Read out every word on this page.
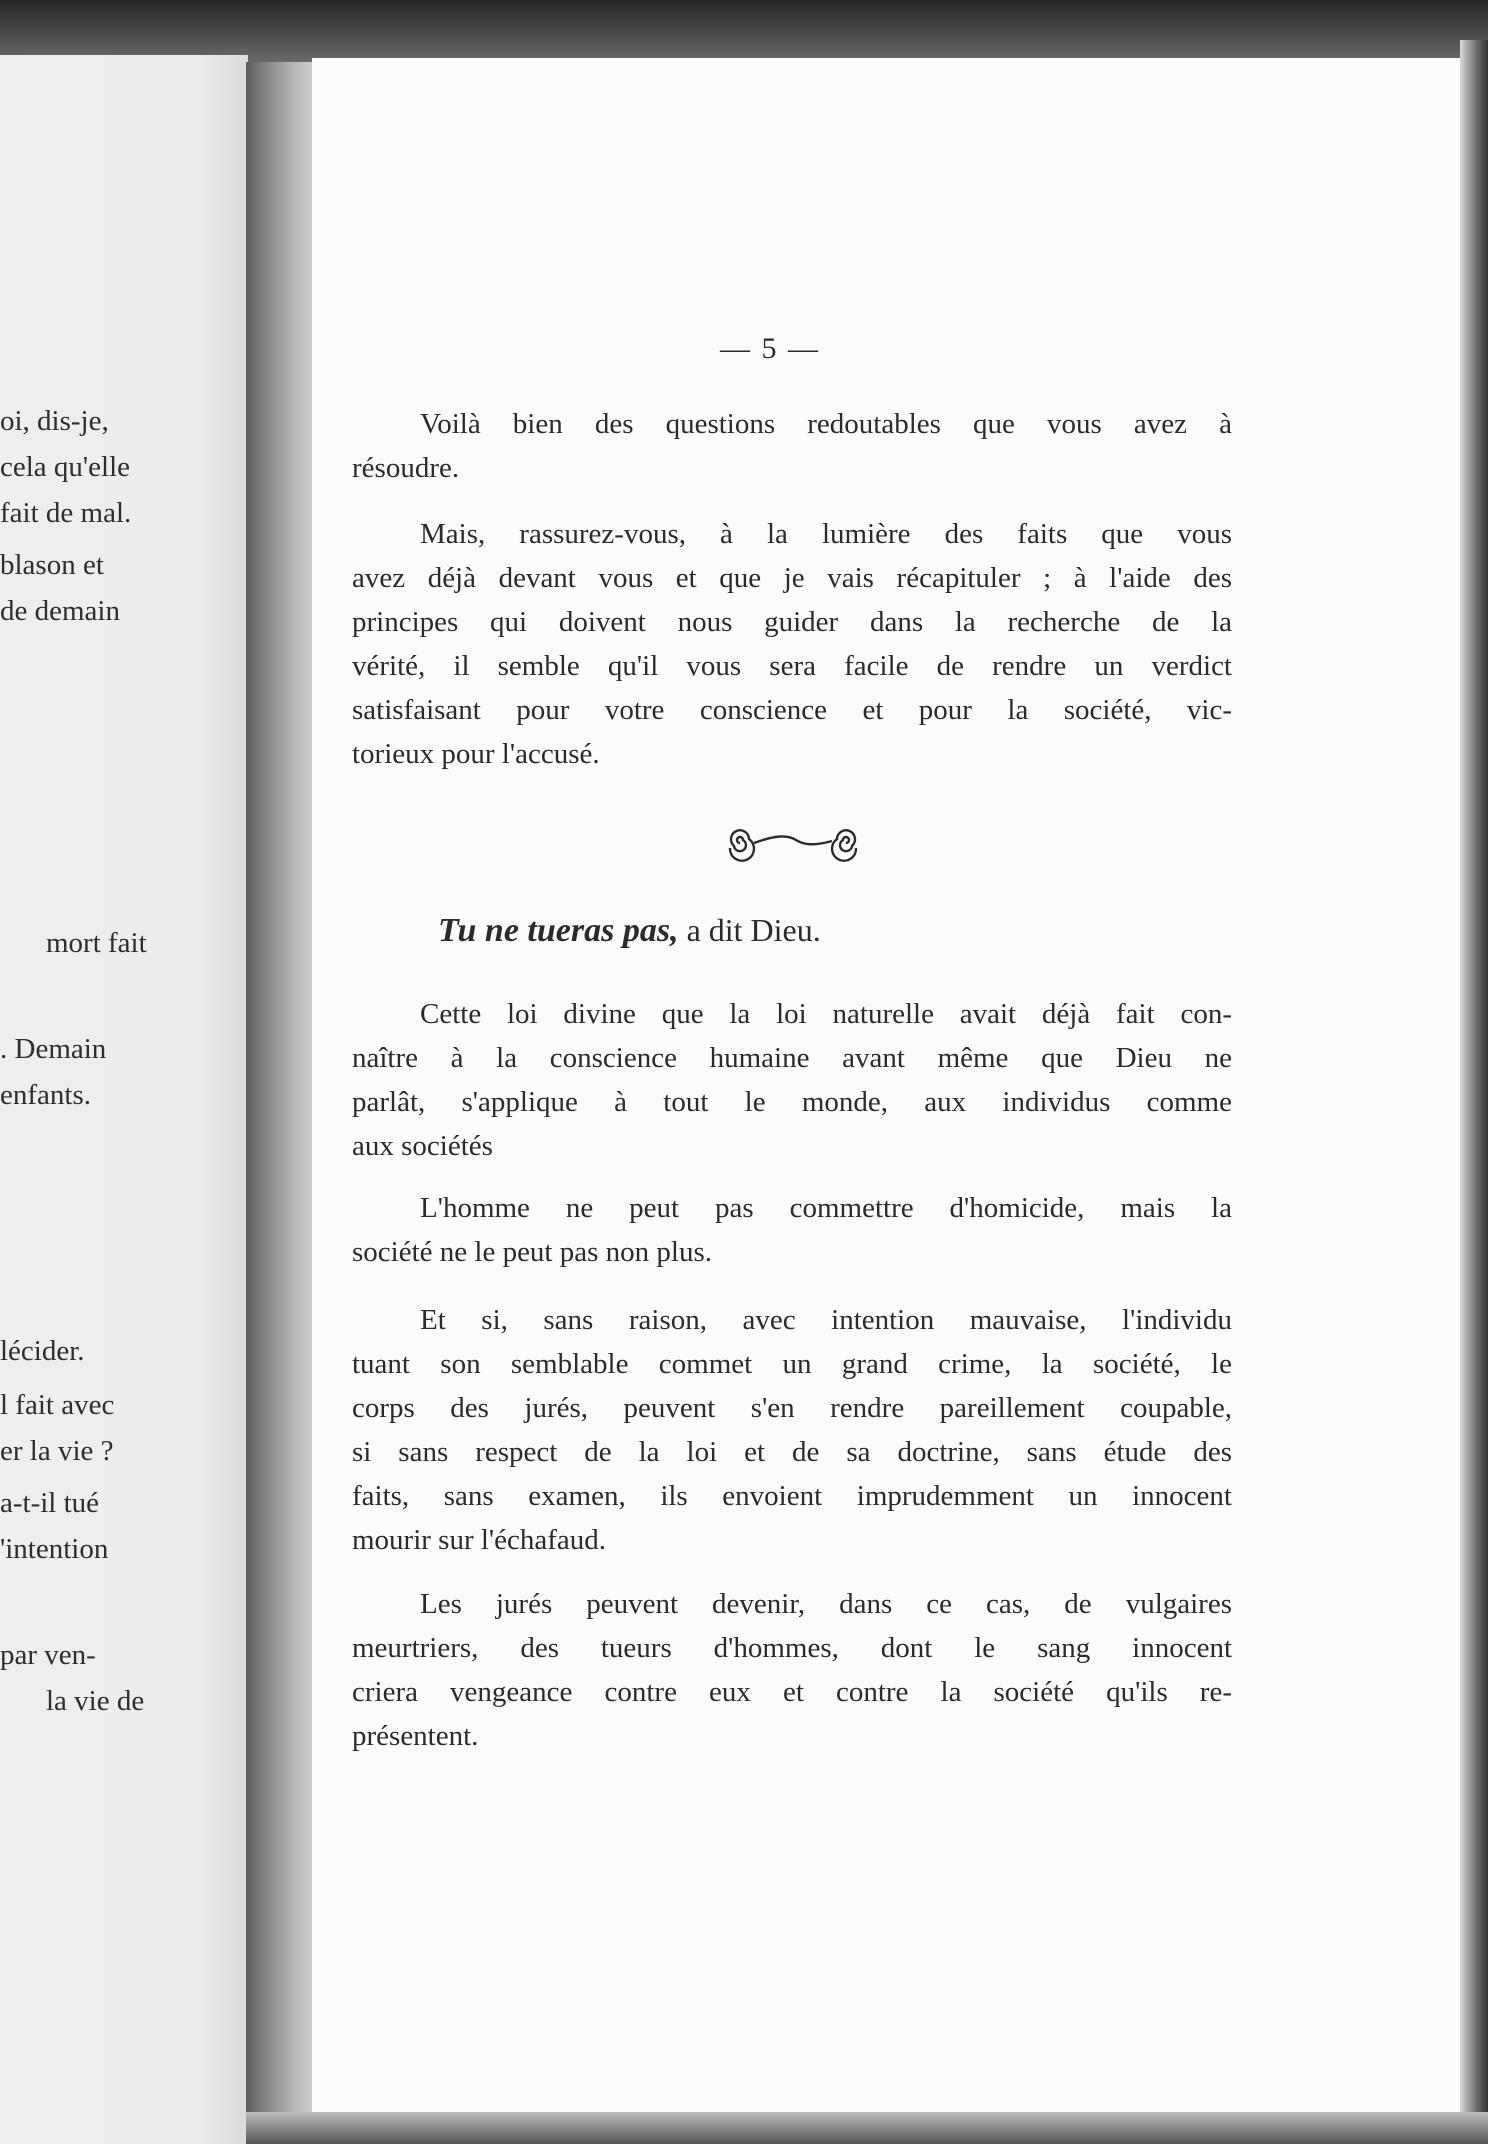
oi, dis-je,
cela qu'elle
fait de mal.
blason et
de demain
mort fait
. Demain
enfants.
lécider.
l fait avec
er la vie ?
a-t-il tué
'intention
par ven-
la vie de
— 5 —
Voilà bien des questions redoutables que vous avez à
résoudre.
Mais, rassurez-vous, à la lumière des faits que vous
avez déjà devant vous et que je vais récapituler ; à l'aide des
principes qui doivent nous guider dans la recherche de la
vérité, il semble qu'il vous sera facile de rendre un verdict
satisfaisant pour votre conscience et pour la société, vic-
torieux pour l'accusé.
Tu ne tueras pas, a dit Dieu.
Cette loi divine que la loi naturelle avait déjà fait con-
naître à la conscience humaine avant même que Dieu ne
parlât, s'applique à tout le monde, aux individus comme
aux sociétés
L'homme ne peut pas commettre d'homicide, mais la
société ne le peut pas non plus.
Et si, sans raison, avec intention mauvaise, l'individu
tuant son semblable commet un grand crime, la société, le
corps des jurés, peuvent s'en rendre pareillement coupable,
si sans respect de la loi et de sa doctrine, sans étude des
faits, sans examen, ils envoient imprudemment un innocent
mourir sur l'échafaud.
Les jurés peuvent devenir, dans ce cas, de vulgaires
meurtriers, des tueurs d'hommes, dont le sang innocent
criera vengeance contre eux et contre la société qu'ils re-
présentent.
